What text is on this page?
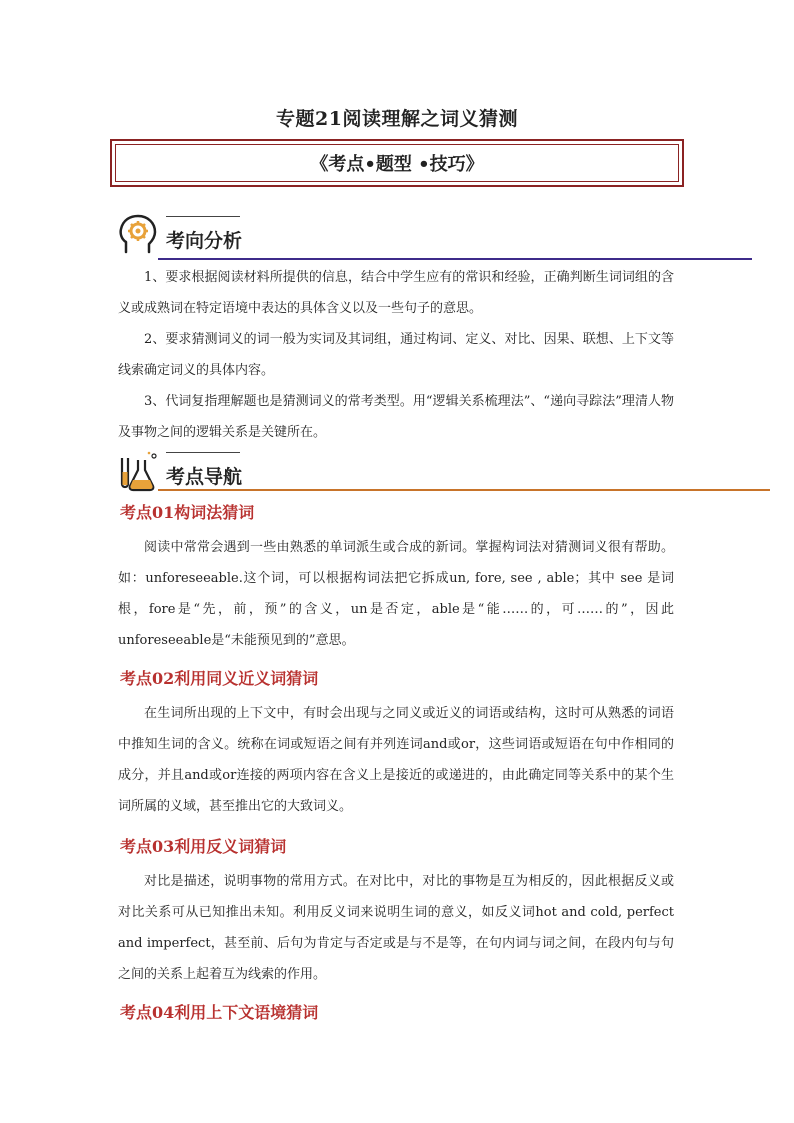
专题21阅读理解之词义猜测
《考点•题型 •技巧》
考向分析

1、要求根据阅读材料所提供的信息，结合中学生应有的常识和经验，正确判断生词词组的含义或成熟词在特定语境中表达的具体含义以及一些句子的意思。

2、要求猜测词义的词一般为实词及其词组，通过构词、定义、对比、因果、联想、上下文等线索确定词义的具体内容。

3、代词复指理解题也是猜测词义的常考类型。用“逻辑关系梳理法”、“递向寻踪法”理清人物及事物之间的逻辑关系是关键所在。

考点导航
考点01构词法猜词

阅读中常常会遇到一些由熟悉的单词派生或合成的新词。掌握构词法对猜测词义很有帮助。如：unforeseeable.这个词，可以根据构词法把它拆成un, fore, see , able；其中 see 是词根，fore是“先，前，预”的含义，un是否定，able是“能……的，可……的”，因此unforeseeable是“未能预见到的”意思。

考点02利用同义近义词猜词

在生词所出现的上下文中，有时会出现与之同义或近义的词语或结构，这时可从熟悉的词语中推知生词的含义。统称在词或短语之间有并列连词and或or，这些词语或短语在句中作相同的成分，并且and或or连接的两项内容在含义上是接近的或递进的，由此确定同等关系中的某个生词所属的义域，甚至推出它的大致词义。

考点03利用反义词猜词

对比是描述，说明事物的常用方式。在对比中，对比的事物是互为相反的，因此根据反义或对比关系可从已知推出未知。利用反义词来说明生词的意义，如反义词hot and cold, perfect and imperfect，甚至前、后句为肯定与否定或是与不是等，在句内词与词之间，在段内句与句之间的关系上起着互为线索的作用。

考点04利用上下文语境猜词
